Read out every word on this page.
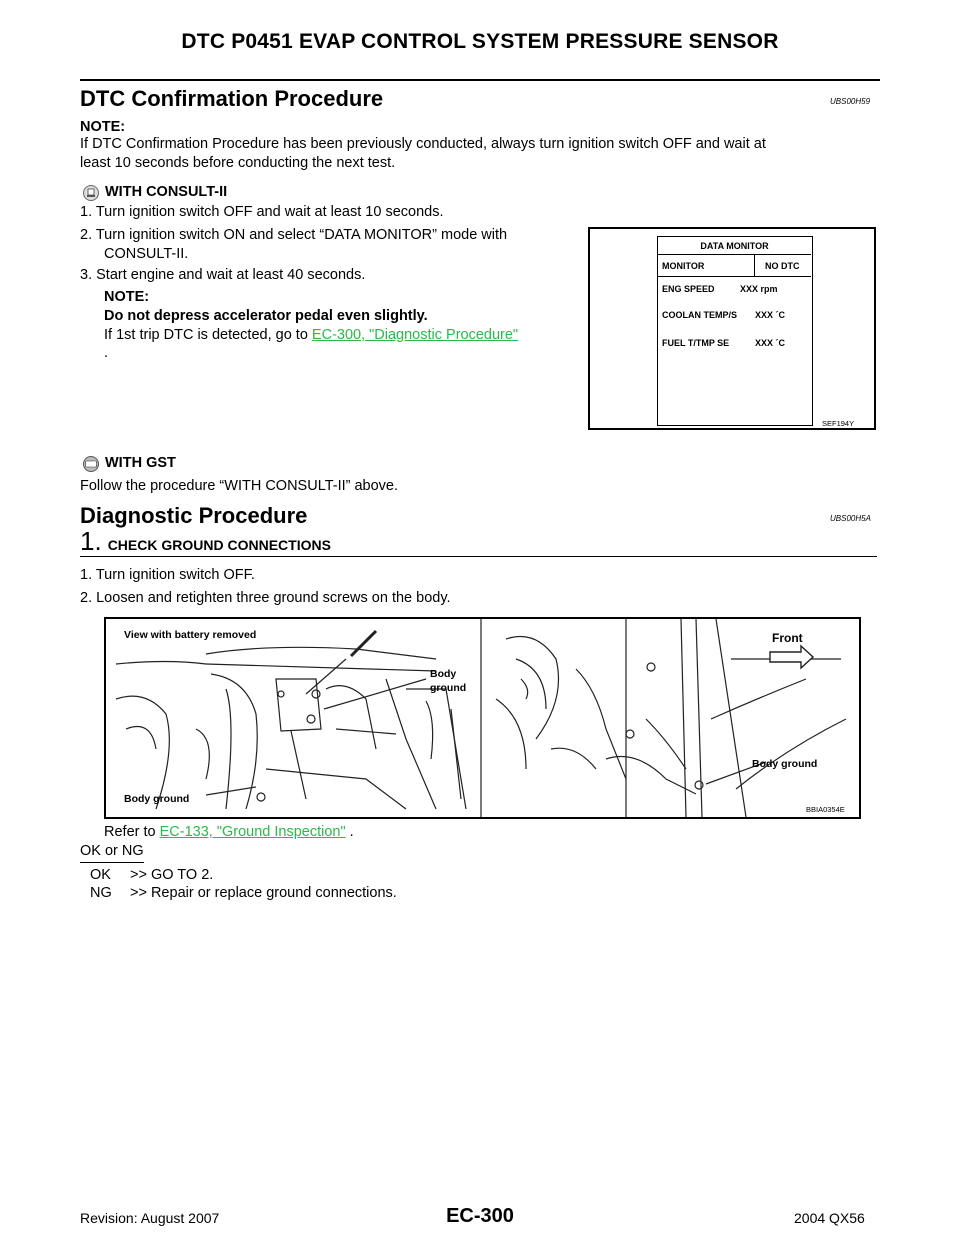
DTC P0451 EVAP CONTROL SYSTEM PRESSURE SENSOR
DTC Confirmation Procedure	UBS00H59
NOTE:
If DTC Confirmation Procedure has been previously conducted, always turn ignition switch OFF and wait at
least 10 seconds before conducting the next test.
WITH CONSULT-II
1. Turn ignition switch OFF and wait at least 10 seconds.
2. Turn ignition switch ON and select “DATA MONITOR” mode with
CONSULT-II.
3. Start engine and wait at least 40 seconds.
NOTE:
Do not depress accelerator pedal even slightly.
If 1st trip DTC is detected, go to EC-300, "Diagnostic Procedure"
.
DATA MONITOR
MONITOR	NO DTC
ENG SPEED	XXX rpm
COOLAN TEMP/S XXX ´C
FUEL T/TMP SE	XXX ´C
SEF194Y
WITH GST
Follow the procedure “WITH CONSULT-II” above.
Diagnostic Procedure	UBS00H5A
1. CHECK GROUND CONNECTIONS
1. Turn ignition switch OFF.
2. Loosen and retighten three ground screws on the body.
View with battery removed
Body
ground
Body ground
Front
Body ground
BBIA0354E
Refer to EC-133, "Ground Inspection" .
OK or NG
OK >> GO TO 2.
NG >> Repair or replace ground connections.
Revision: August 2007	EC-300	2004 QX56
